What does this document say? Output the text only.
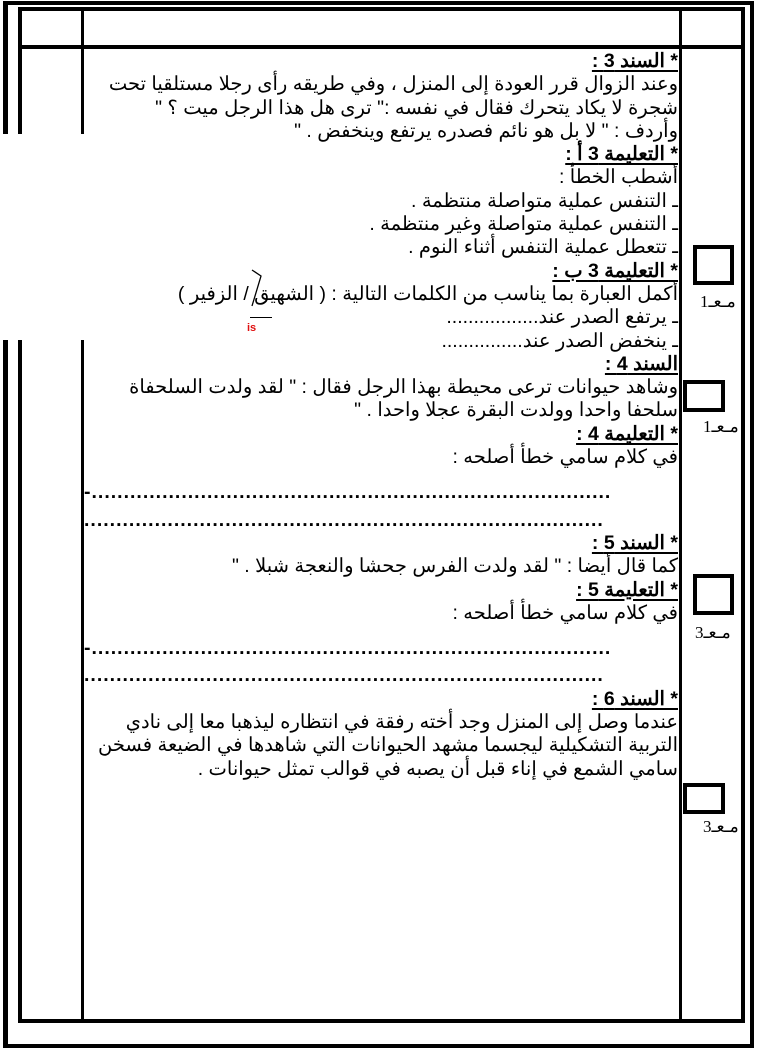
is
* السند 3 :
وعند الزوال قرر العودة إلى المنزل ، وفي طريقه رأى رجلا مستلقيا تحت
شجرة لا يكاد يتحرك فقال في نفسه :" ترى هل هذا الرجل ميت ؟ "
وأردف : " لا بل هو نائم فصدره يرتفع وينخفض . "
* التعليمة 3 أ :
أشطب الخطأ :
ـ التنفس عملية متواصلة منتظمة .
ـ التنفس عملية متواصلة وغير منتظمة .
ـ تتعطل عملية التنفس أثناء النوم .
* التعليمة 3 ب :
أكمل العبارة بما يناسب من الكلمات التالية : ( الشهيق / الزفير )
ـ يرتفع الصدر عند.................
ـ ينخفض الصدر عند...............
السند 4 :
وشاهد حيوانات ترعى محيطة بهذا الرجل فقال : " لقد ولدت السلحفاة
سلحفا واحدا وولدت البقرة عجلا واحدا . "
* التعليمة 4 :
في كلام سامي خطأ أصلحه :
-.................................................................................
.................................................................................
* السند 5 :
كما قال أيضا : " لقد ولدت الفرس جحشا والنعجة شبلا . "
* التعليمة 5 :
في كلام سامي خطأ أصلحه :
-.................................................................................
.................................................................................
* السند 6 :
عندما وصل إلى المنزل وجد أخته رفقة في انتظاره ليذهبا معا إلى نادي
التربية التشكيلية ليجسما مشهد الحيوانات التي شاهدها في الضيعة فسخن
سامي الشمع في إناء قبل أن يصبه في قوالب تمثل حيوانات .
مـعـ1
مـعـ1
مـعـ3
مـعـ3
